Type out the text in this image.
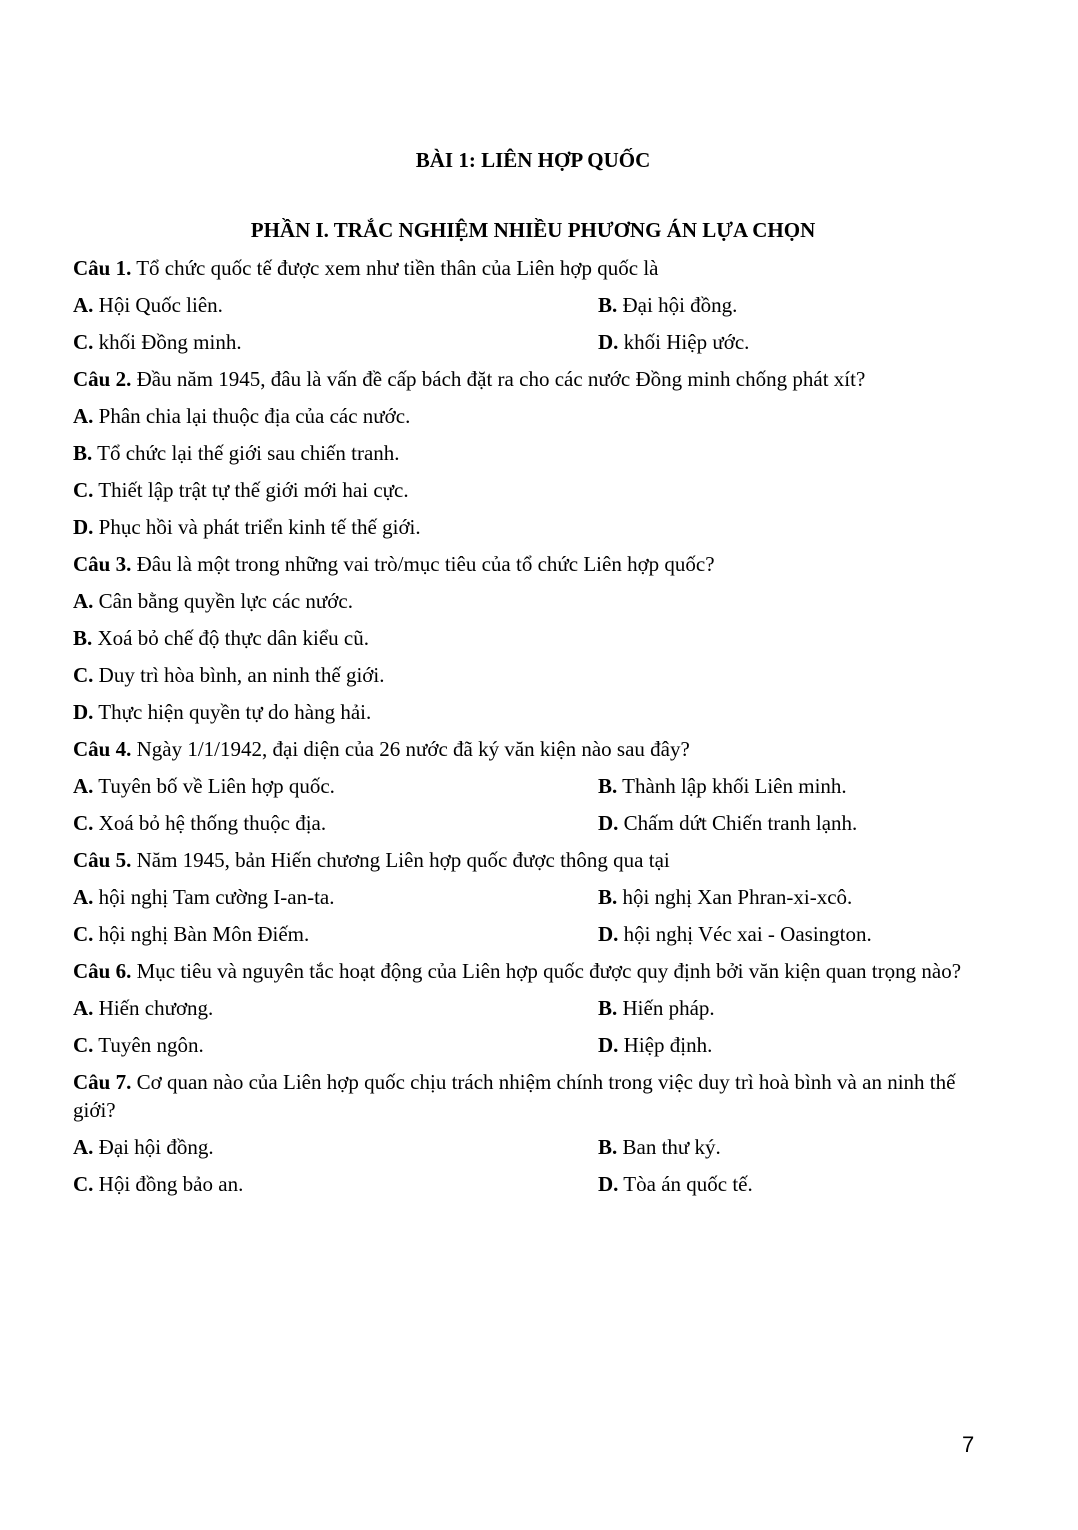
BÀI 1: LIÊN HỢP QUỐC

PHẦN I. TRẮC NGHIỆM NHIỀU PHƯƠNG ÁN LỰA CHỌN

Câu 1. Tổ chức quốc tế được xem như tiền thân của Liên hợp quốc là

A. Hội Quốc liên.	B. Đại hội đồng.
C. khối Đồng minh.	D. khối Hiệp ước.

Câu 2. Đầu năm 1945, đâu là vấn đề cấp bách đặt ra cho các nước Đồng minh chống phát xít?

A. Phân chia lại thuộc địa của các nước.
B. Tổ chức lại thế giới sau chiến tranh.
C. Thiết lập trật tự thế giới mới hai cực.
D. Phục hồi và phát triển kinh tế thế giới.

Câu 3. Đâu là một trong những vai trò/mục tiêu của tổ chức Liên hợp quốc?

A. Cân bằng quyền lực các nước.
B. Xoá bỏ chế độ thực dân kiểu cũ.
C. Duy trì hòa bình, an ninh thế giới.
D. Thực hiện quyền tự do hàng hải.

Câu 4. Ngày 1/1/1942, đại diện của 26 nước đã ký văn kiện nào sau đây?

A. Tuyên bố về Liên hợp quốc.	B. Thành lập khối Liên minh.
C. Xoá bỏ hệ thống thuộc địa.	D. Chấm dứt Chiến tranh lạnh.

Câu 5. Năm 1945, bản Hiến chương Liên hợp quốc được thông qua tại

A. hội nghị Tam cường I-an-ta.	B. hội nghị Xan Phran-xi-xcô.
C. hội nghị Bàn Môn Điếm.	D. hội nghị Véc xai - Oasington.

Câu 6. Mục tiêu và nguyên tắc hoạt động của Liên hợp quốc được quy định bởi văn kiện quan trọng nào?

A. Hiến chương.	B. Hiến pháp.
C. Tuyên ngôn.	D. Hiệp định.

Câu 7. Cơ quan nào của Liên hợp quốc chịu trách nhiệm chính trong việc duy trì hoà bình và an ninh thế giới?

A. Đại hội đồng.	B. Ban thư ký.
C. Hội đồng bảo an.	D. Tòa án quốc tế.
7
